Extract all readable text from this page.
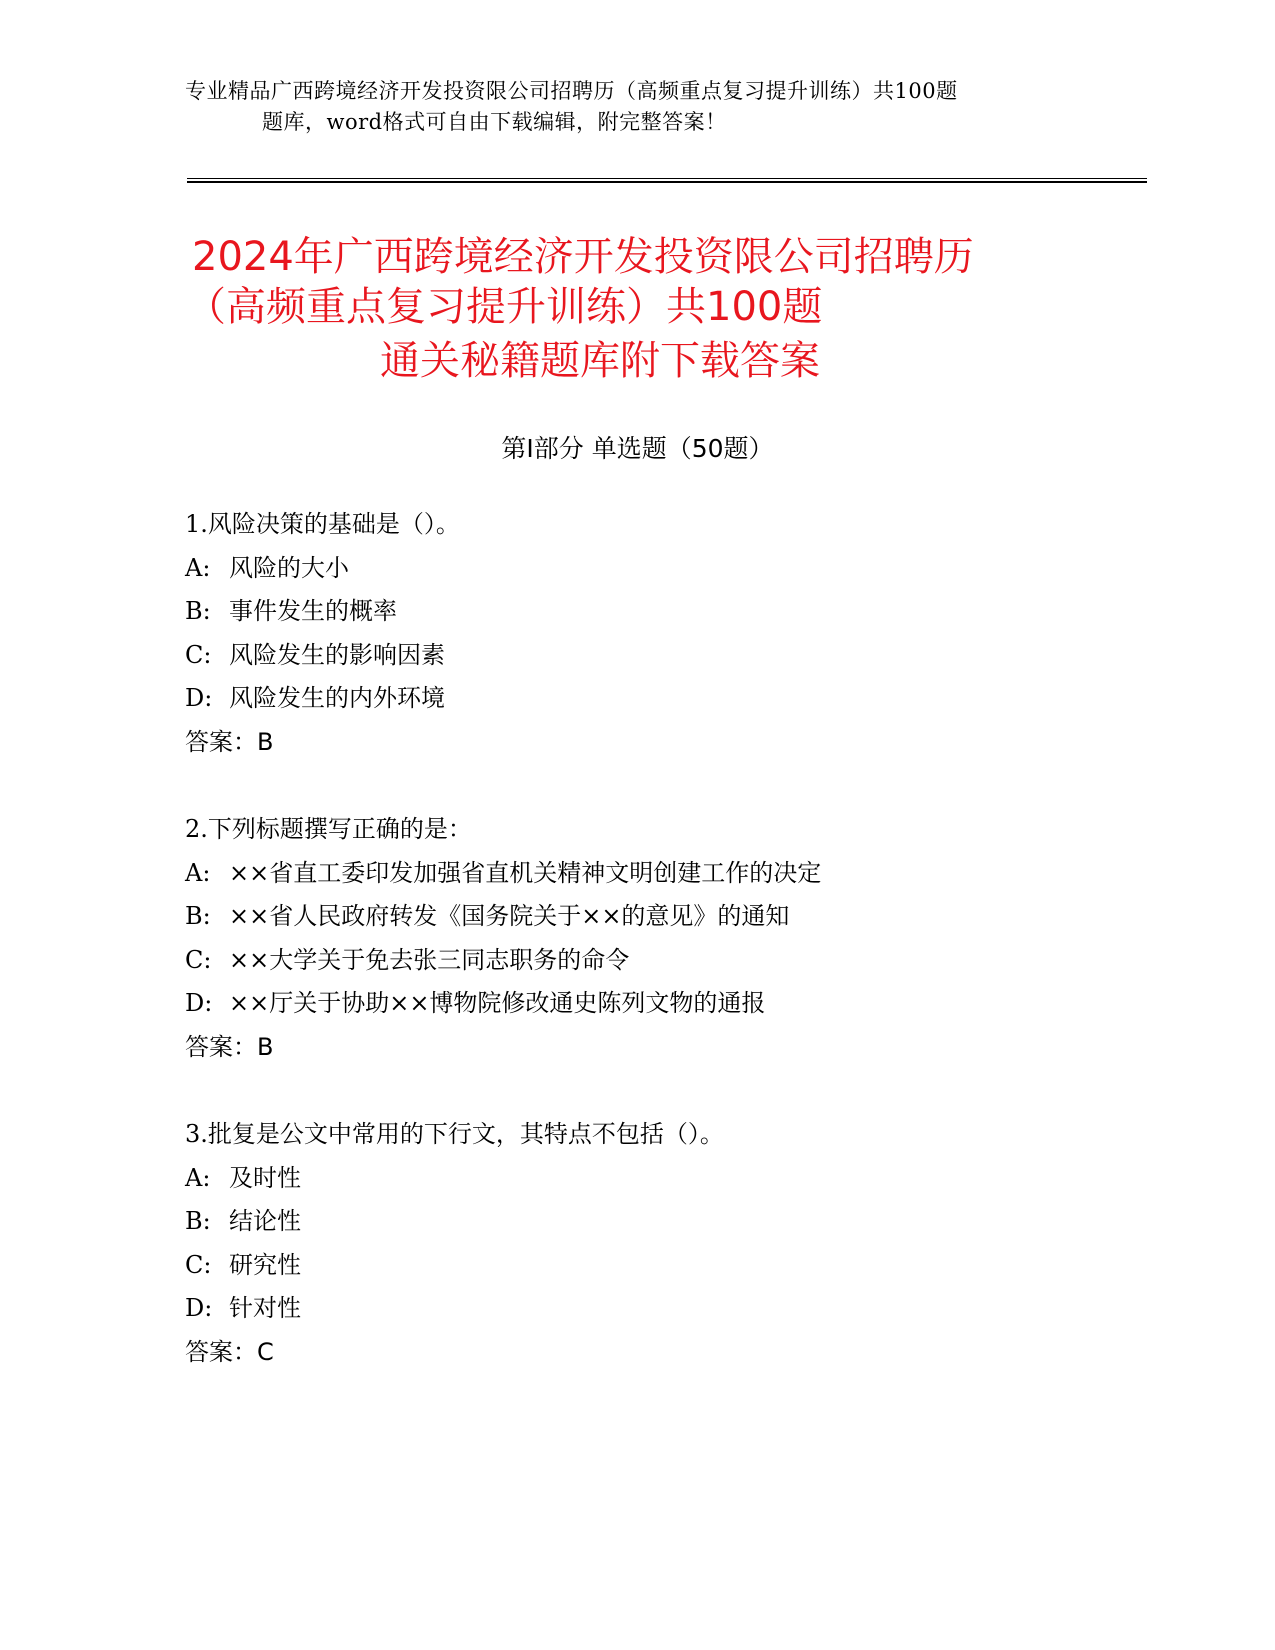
专业精品广西跨境经济开发投资限公司招聘历（高频重点复习提升训练）共100题
题库，word格式可自由下载编辑，附完整答案！
2024年广西跨境经济开发投资限公司招聘历
（高频重点复习提升训练）共100题
通关秘籍题库附下载答案
第Ⅰ部分 单选题（50题）
1.风险决策的基础是（）。
A: 风险的大小
B: 事件发生的概率
C: 风险发生的影响因素
D: 风险发生的内外环境
答案：B
2.下列标题撰写正确的是：
A: ××省直工委印发加强省直机关精神文明创建工作的决定
B: ××省人民政府转发《国务院关于××的意见》的通知
C: ××大学关于免去张三同志职务的命令
D: ××厅关于协助××博物院修改通史陈列文物的通报
答案：B
3.批复是公文中常用的下行文，其特点不包括（）。
A: 及时性
B: 结论性
C: 研究性
D: 针对性
答案：C
